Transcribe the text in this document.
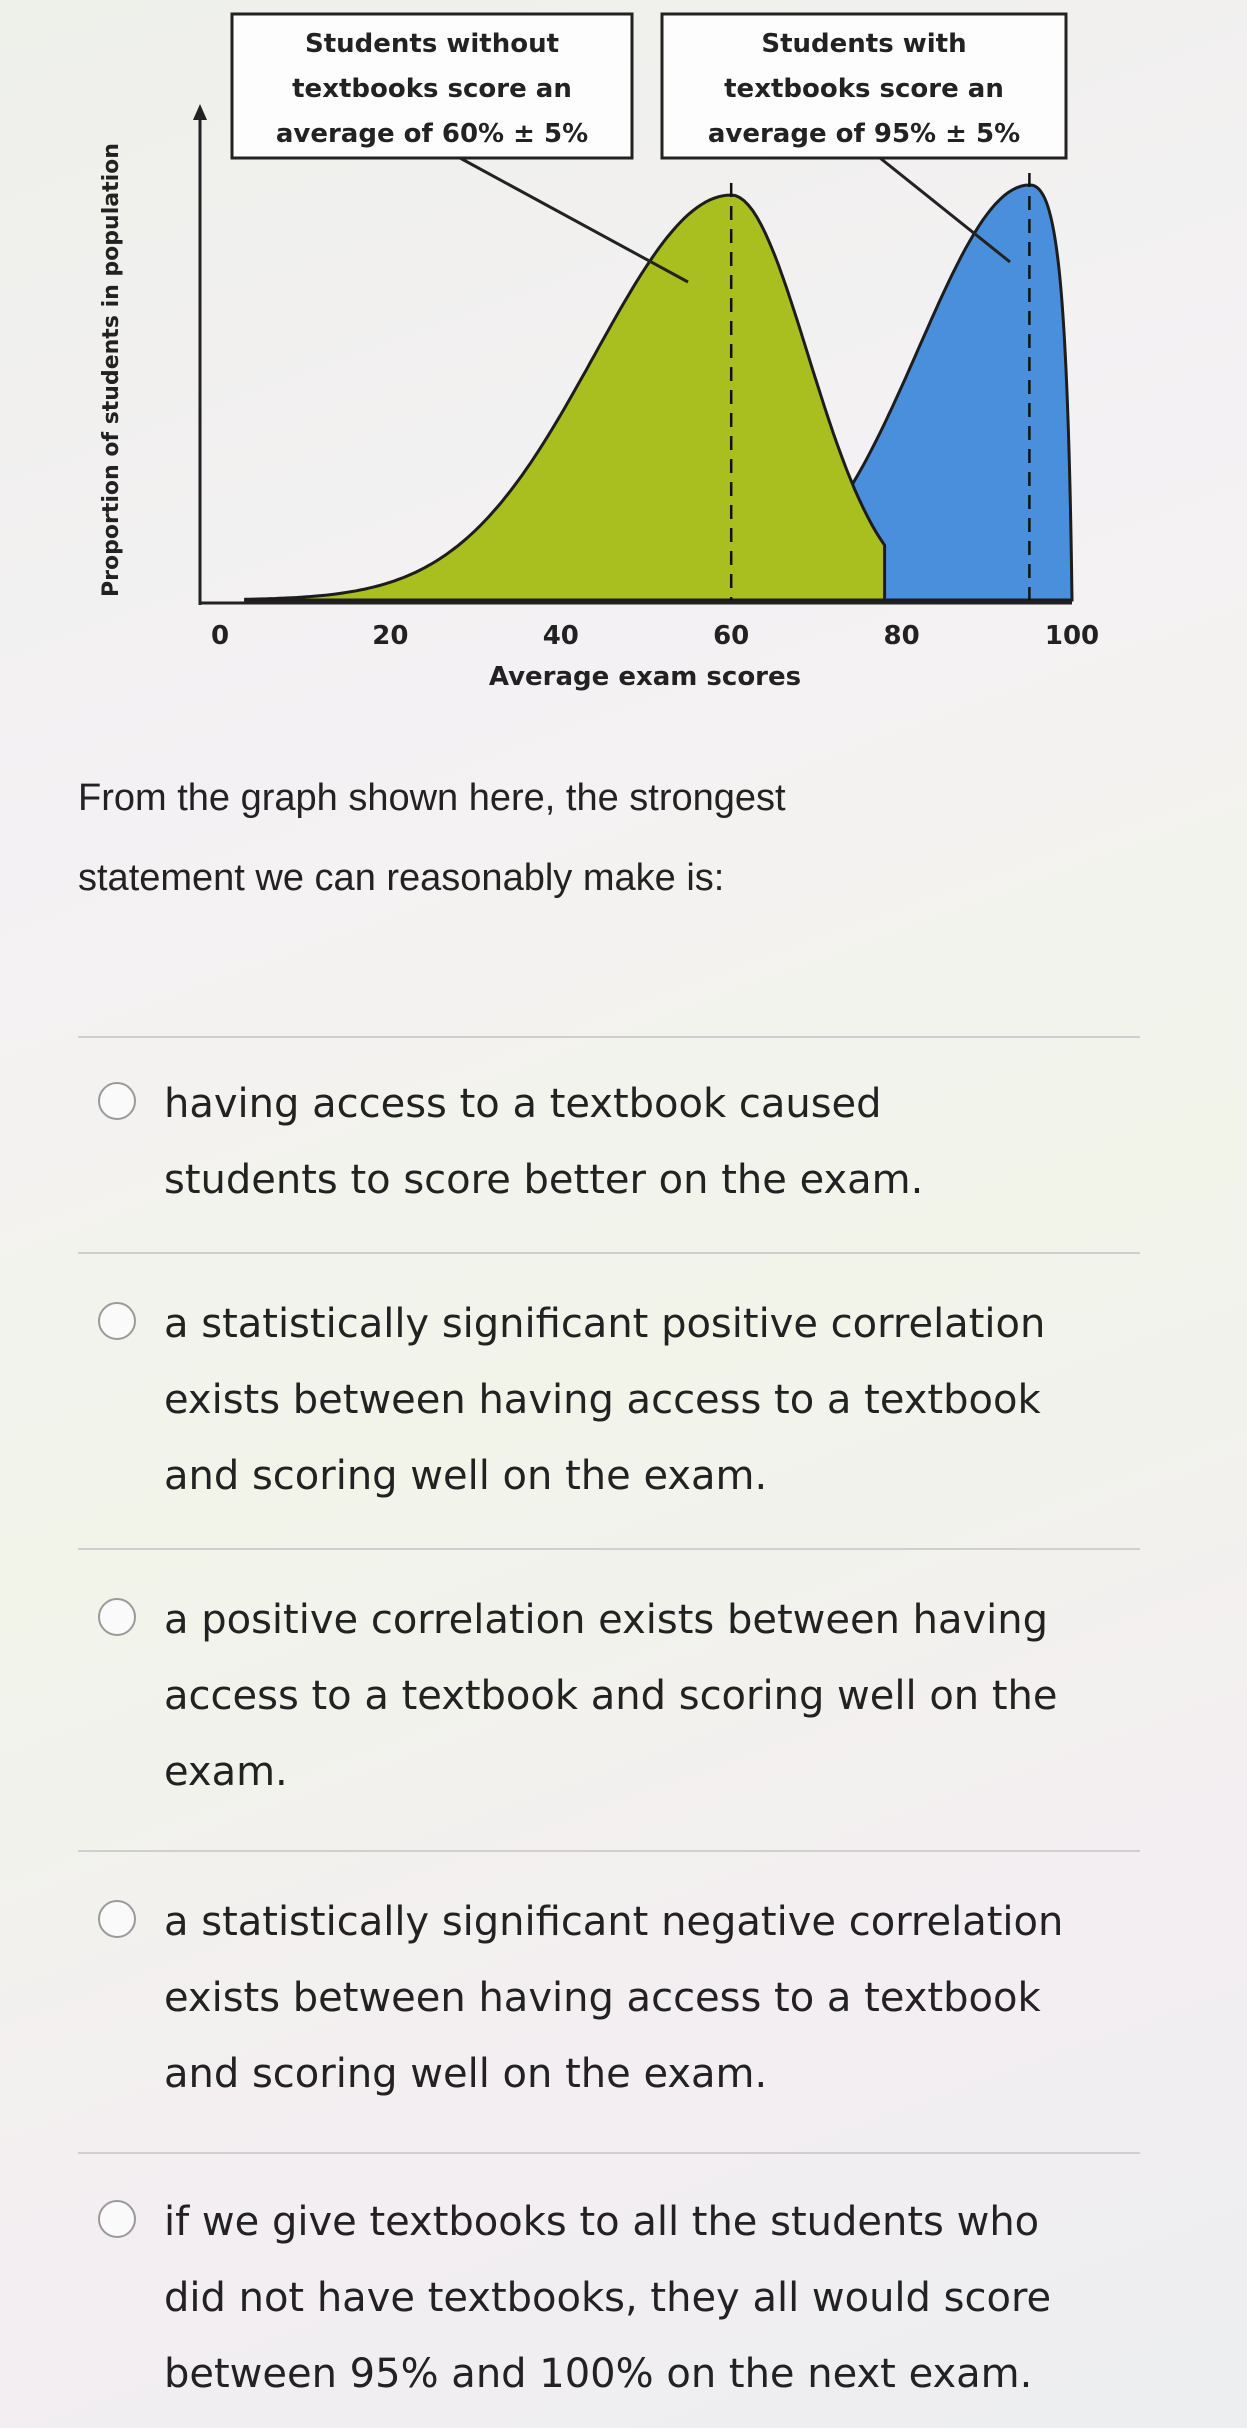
Proportion of students in population
0	20	40	60	80	100
Average exam scores
Students without
textbooks score an
average of 60% ± 5%
Students with
textbooks score an
average of 95% ± 5%
From the graph shown here, the strongest
statement we can reasonably make is:
having access to a textbook caused
students to score better on the exam.
a statistically signiﬁcant positive correlation
exists between having access to a textbook
and scoring well on the exam.
a positive correlation exists between having
access to a textbook and scoring well on the
exam.
a statistically signiﬁcant negative correlation
exists between having access to a textbook
and scoring well on the exam.
if we give textbooks to all the students who
did not have textbooks, they all would score
between 95% and 100% on the next exam.
